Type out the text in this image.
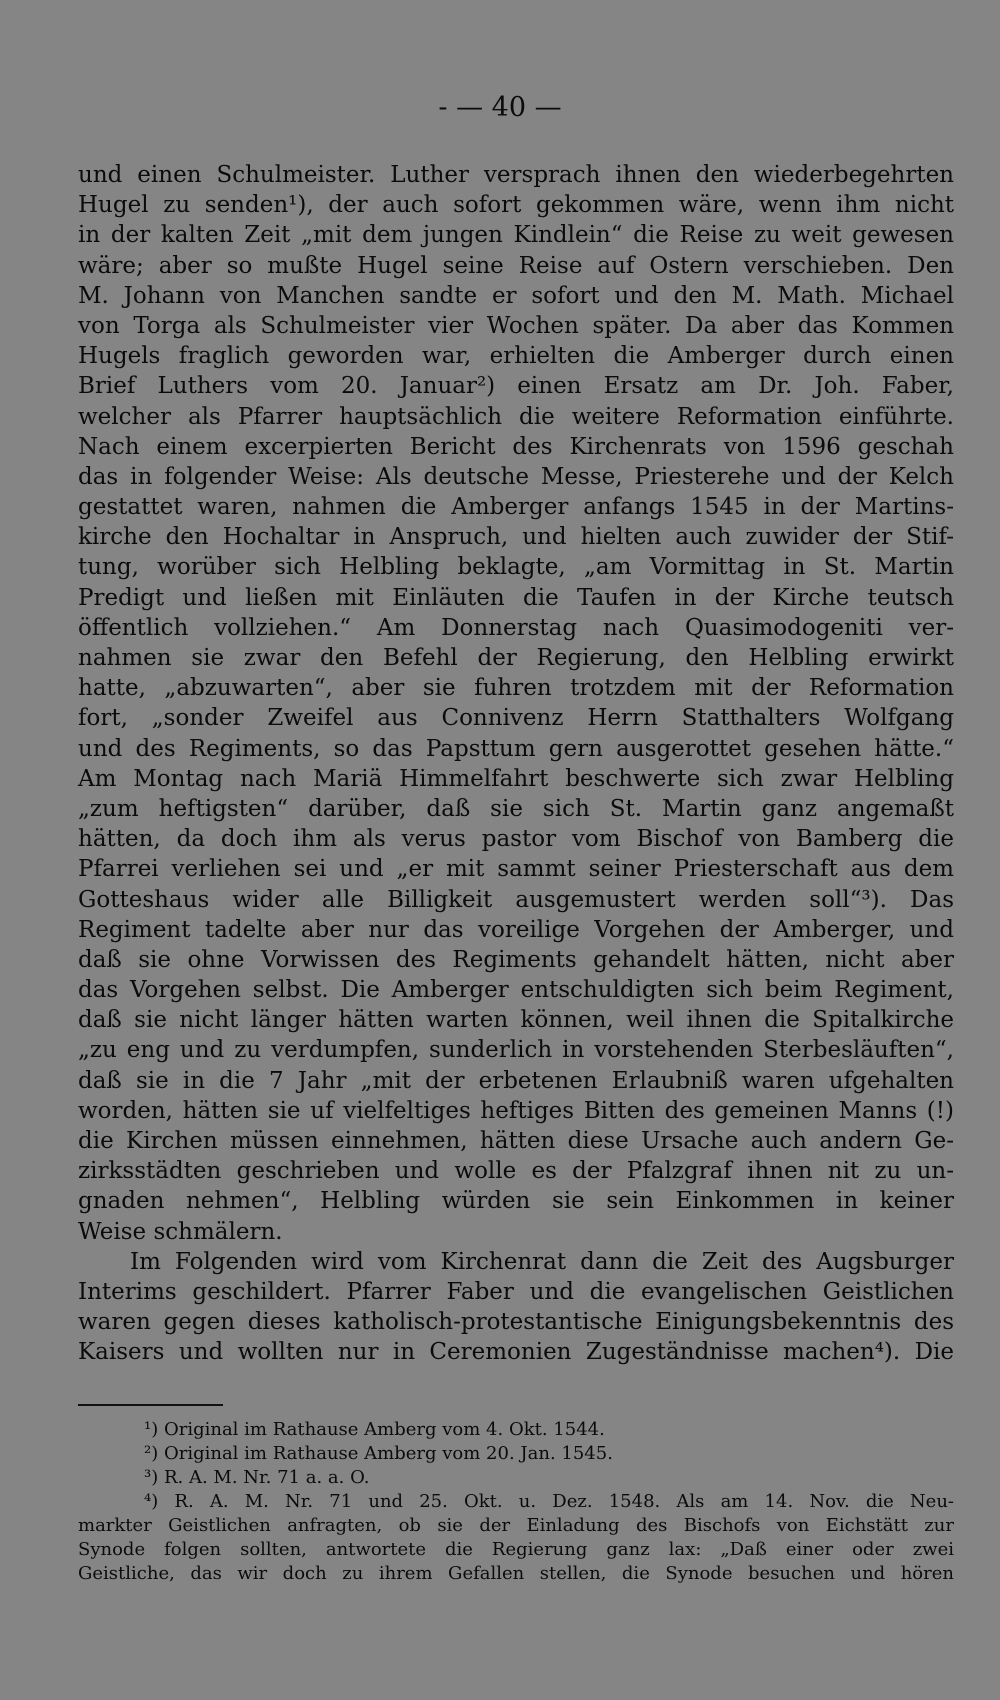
- — 40 —
und einen Schulmeister. Luther versprach ihnen den wiederbegehrten
Hugel zu senden¹), der auch sofort gekommen wäre, wenn ihm nicht
in der kalten Zeit „mit dem jungen Kindlein“ die Reise zu weit gewesen
wäre; aber so mußte Hugel seine Reise auf Ostern verschieben. Den
M. Johann von Manchen sandte er sofort und den M. Math. Michael
von Torga als Schulmeister vier Wochen später. Da aber das Kommen
Hugels fraglich geworden war, erhielten die Amberger durch einen
Brief Luthers vom 20. Januar²) einen Ersatz am Dr. Joh. Faber,
welcher als Pfarrer hauptsächlich die weitere Reformation einführte.
Nach einem excerpierten Bericht des Kirchenrats von 1596 geschah
das in folgender Weise: Als deutsche Messe, Priesterehe und der Kelch
gestattet waren, nahmen die Amberger anfangs 1545 in der Martins-
kirche den Hochaltar in Anspruch, und hielten auch zuwider der Stif-
tung, worüber sich Helbling beklagte, „am Vormittag in St. Martin
Predigt und ließen mit Einläuten die Taufen in der Kirche teutsch
öffentlich vollziehen.“ Am Donnerstag nach Quasimodogeniti ver-
nahmen sie zwar den Befehl der Regierung, den Helbling erwirkt
hatte, „abzuwarten“, aber sie fuhren trotzdem mit der Reformation
fort, „sonder Zweifel aus Connivenz Herrn Statthalters Wolfgang
und des Regiments, so das Papsttum gern ausgerottet gesehen hätte.“
Am Montag nach Mariä Himmelfahrt beschwerte sich zwar Helbling
„zum heftigsten“ darüber, daß sie sich St. Martin ganz angemaßt
hätten, da doch ihm als verus pastor vom Bischof von Bamberg die
Pfarrei verliehen sei und „er mit sammt seiner Priesterschaft aus dem
Gotteshaus wider alle Billigkeit ausgemustert werden soll“³). Das
Regiment tadelte aber nur das voreilige Vorgehen der Amberger, und
daß sie ohne Vorwissen des Regiments gehandelt hätten, nicht aber
das Vorgehen selbst. Die Amberger entschuldigten sich beim Regiment,
daß sie nicht länger hätten warten können, weil ihnen die Spitalkirche
„zu eng und zu verdumpfen, sunderlich in vorstehenden Sterbesläuften“,
daß sie in die 7 Jahr „mit der erbetenen Erlaubniß waren ufgehalten
worden, hätten sie uf vielfeltiges heftiges Bitten des gemeinen Manns (!)
die Kirchen müssen einnehmen, hätten diese Ursache auch andern Ge-
zirksstädten geschrieben und wolle es der Pfalzgraf ihnen nit zu un-
gnaden nehmen“, Helbling würden sie sein Einkommen in keiner
Weise schmälern.
Im Folgenden wird vom Kirchenrat dann die Zeit des Augsburger
Interims geschildert. Pfarrer Faber und die evangelischen Geistlichen
waren gegen dieses katholisch-protestantische Einigungsbekenntnis des
Kaisers und wollten nur in Ceremonien Zugeständnisse machen⁴). Die
¹) Original im Rathause Amberg vom 4. Okt. 1544.
²) Original im Rathause Amberg vom 20. Jan. 1545.
³) R. A. M. Nr. 71 a. a. O.
⁴) R. A. M. Nr. 71 und 25. Okt. u. Dez. 1548. Als am 14. Nov. die Neu-
markter Geistlichen anfragten, ob sie der Einladung des Bischofs von Eichstätt zur
Synode folgen sollten, antwortete die Regierung ganz lax: „Daß einer oder zwei
Geistliche, das wir doch zu ihrem Gefallen stellen, die Synode besuchen und hören
